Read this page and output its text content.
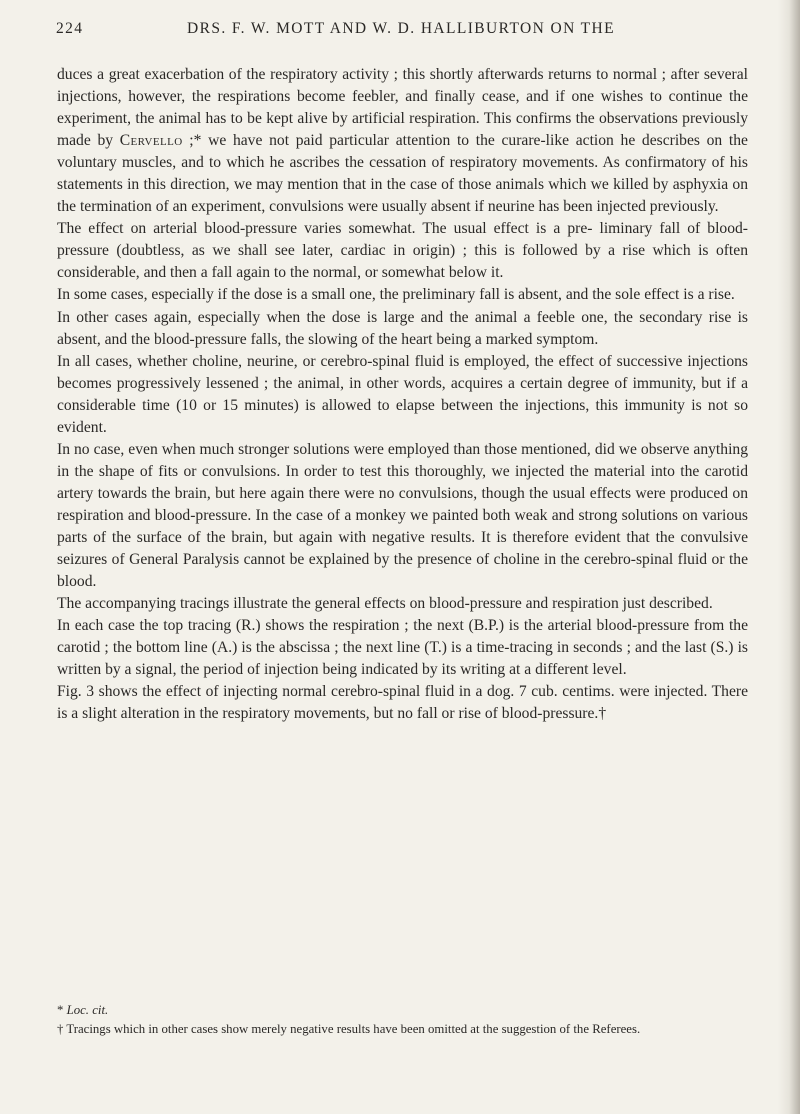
224	DRS. F. W. MOTT AND W. D. HALLIBURTON ON THE

duces a great exacerbation of the respiratory activity ; this shortly afterwards returns to normal ; after several injections, however, the respirations become feebler, and finally cease, and if one wishes to continue the experiment, the animal has to be kept alive by artificial respiration. This confirms the observations previously made by Cervello ;* we have not paid particular attention to the curare-like action he describes on the voluntary muscles, and to which he ascribes the cessation of respiratory movements. As confirmatory of his statements in this direction, we may mention that in the case of those animals which we killed by asphyxia on the termination of an experiment, convulsions were usually absent if neurine has been injected previously.

The effect on arterial blood-pressure varies somewhat. The usual effect is a pre- liminary fall of blood-pressure (doubtless, as we shall see later, cardiac in origin) ; this is followed by a rise which is often considerable, and then a fall again to the normal, or somewhat below it.

In some cases, especially if the dose is a small one, the preliminary fall is absent, and the sole effect is a rise.

In other cases again, especially when the dose is large and the animal a feeble one, the secondary rise is absent, and the blood-pressure falls, the slowing of the heart being a marked symptom.

In all cases, whether choline, neurine, or cerebro-spinal fluid is employed, the effect of successive injections becomes progressively lessened ; the animal, in other words, acquires a certain degree of immunity, but if a considerable time (10 or 15 minutes) is allowed to elapse between the injections, this immunity is not so evident.

In no case, even when much stronger solutions were employed than those mentioned, did we observe anything in the shape of fits or convulsions. In order to test this thoroughly, we injected the material into the carotid artery towards the brain, but here again there were no convulsions, though the usual effects were produced on respiration and blood-pressure. In the case of a monkey we painted both weak and strong solutions on various parts of the surface of the brain, but again with negative results. It is therefore evident that the convulsive seizures of General Paralysis cannot be explained by the presence of choline in the cerebro-spinal fluid or the blood.

The accompanying tracings illustrate the general effects on blood-pressure and respiration just described.

In each case the top tracing (R.) shows the respiration ; the next (B.P.) is the arterial blood-pressure from the carotid ; the bottom line (A.) is the abscissa ; the next line (T.) is a time-tracing in seconds ; and the last (S.) is written by a signal, the period of injection being indicated by its writing at a different level.

Fig. 3 shows the effect of injecting normal cerebro-spinal fluid in a dog. 7 cub. centims. were injected. There is a slight alteration in the respiratory movements, but no fall or rise of blood-pressure.†

* Loc. cit.

† Tracings which in other cases show merely negative results have been omitted at the suggestion of the Referees.
